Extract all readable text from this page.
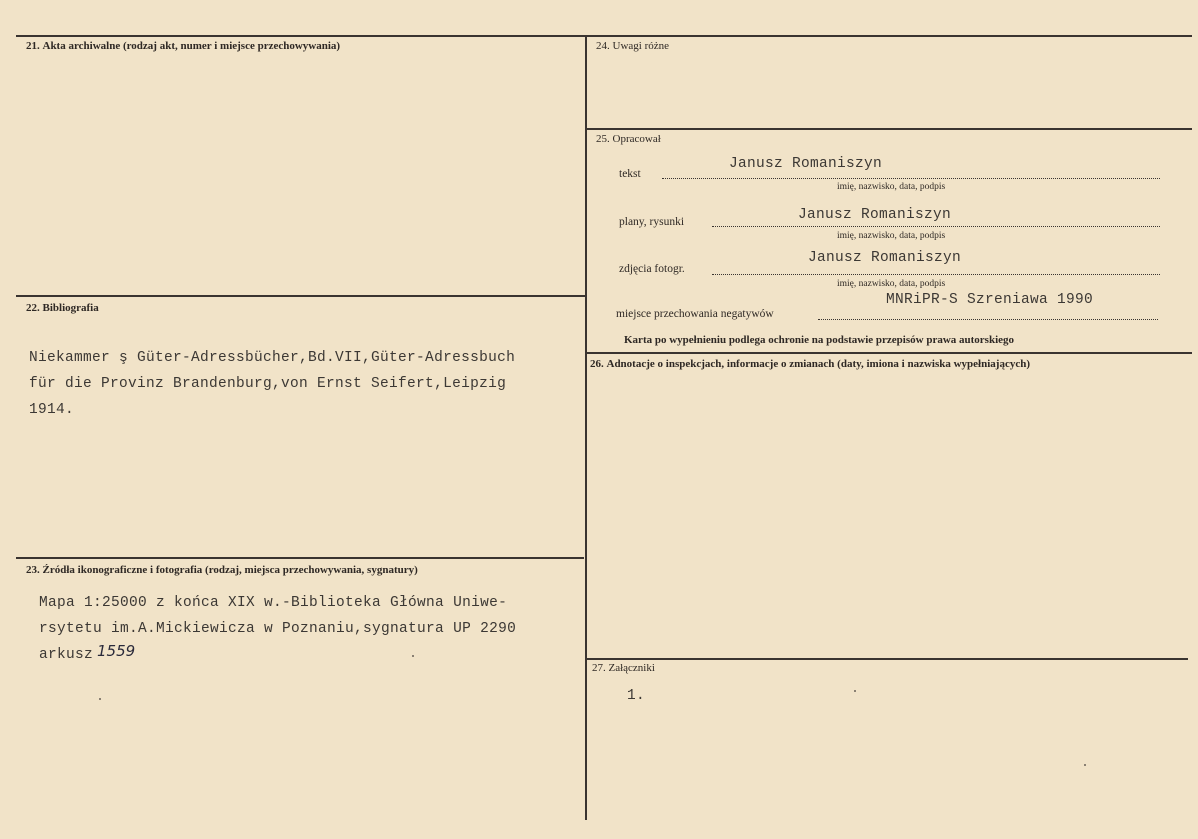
21. Akta archiwalne (rodzaj akt, numer i miejsce przechowywania)
22. Bibliografia
Niekammer ş Güter-Adressbücher,Bd.VII,Güter-Adressbuch
für die Provinz Brandenburg,von Ernst Seifert,Leipzig
1914.
23. Źródła ikonograficzne i fotografia (rodzaj, miejsca przechowywania, sygnatury)
Mapa 1:25000 z końca XIX w.-Biblioteka Główna Uniwe-
rsytetu im.A.Mickiewicza w Poznaniu,sygnatura UP 2290
arkusz 1559
24. Uwagi różne
25. Opracował
tekst
Janusz Romaniszyn
imię, nazwisko, data, podpis
plany, rysunki	Janusz Romaniszyn
imię, nazwisko, data, podpis
zdjęcia fotogr.
Janusz Romaniszyn
imię, nazwisko, data, podpis
miejsce przechowania negatywów
MNRiPR-S Szreniawa 1990
Karta po wypełnieniu podlega ochronie na podstawie przepisów prawa autorskiego
26. Adnotacje o inspekcjach, informacje o zmianach (daty, imiona i nazwiska wypełniających)
27. Załączniki
1.
